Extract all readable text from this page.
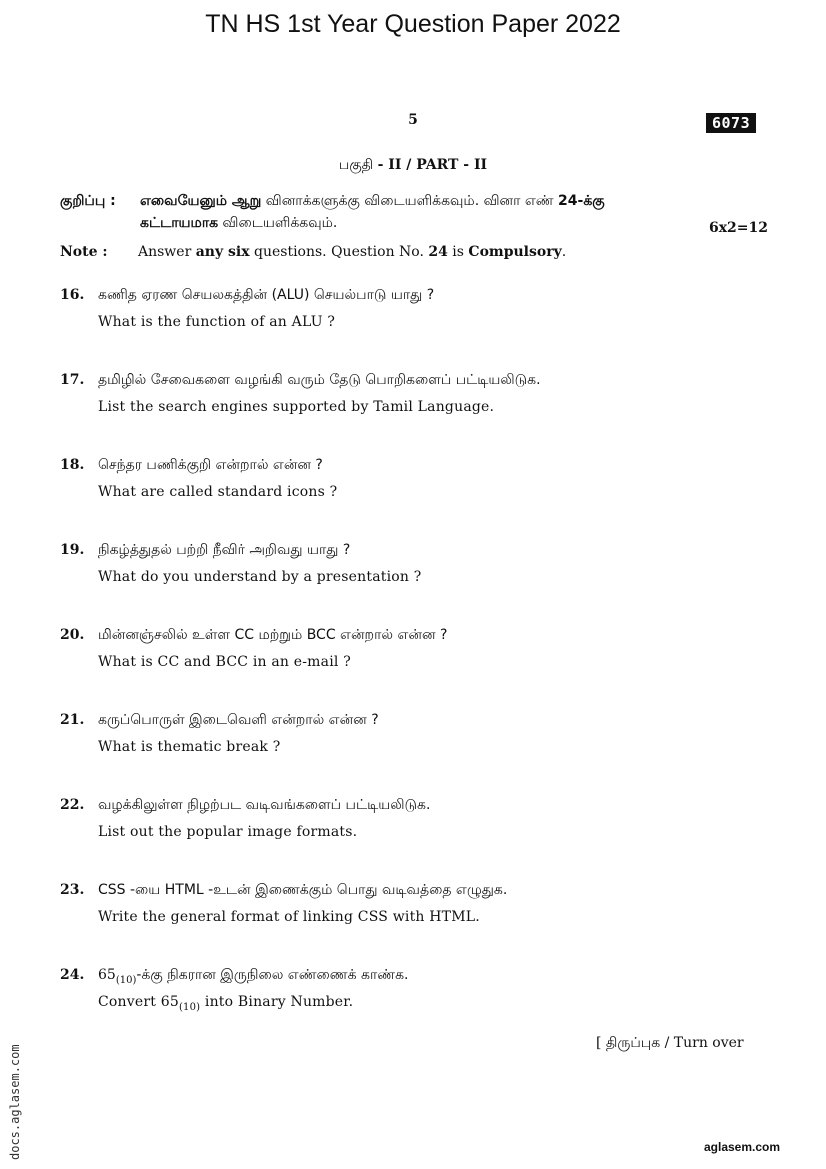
TN HS 1st Year Question Paper 2022
5	6073
பகுதி - II / PART - II
குறிப்பு : எவையேனும் ஆறு வினாக்களுக்கு விடையளிக்கவும். வினா எண் 24-க்கு
கட்டாயமாக விடையளிக்கவும்.	6x2=12
Note : Answer any six questions. Question No. 24 is Compulsory.
16. கணித ஏரண செயலகத்தின் (ALU) செயல்பாடு யாது ?
What is the function of an ALU ?
17. தமிழில் சேவைகளை வழங்கி வரும் தேடு பொறிகளைப் பட்டியலிடுக.
List the search engines supported by Tamil Language.
18. செந்தர பணிக்குறி என்றால் என்ன ?
What are called standard icons ?
19. நிகழ்த்துதல் பற்றி நீவிர் அறிவது யாது ?
What do you understand by a presentation ?
20. மின்னஞ்சலில் உள்ள CC மற்றும் BCC என்றால் என்ன ?
What is CC and BCC in an e-mail ?
21. கருப்பொருள் இடைவெளி என்றால் என்ன ?
What is thematic break ?
22. வழக்கிலுள்ள நிழற்பட வடிவங்களைப் பட்டியலிடுக.
List out the popular image formats.
23. CSS -யை HTML -உடன் இணைக்கும் பொது வடிவத்தை எழுதுக.
Write the general format of linking CSS with HTML.
24. $65_{(10)}-க்கு$ நிகரான இருநிலை எண்ணைக் காண்க.
Convert $65_{(10)}$ into Binary Number.
[ திருப்புக / Turn over
aglasem.com
docs.aglasem.com
